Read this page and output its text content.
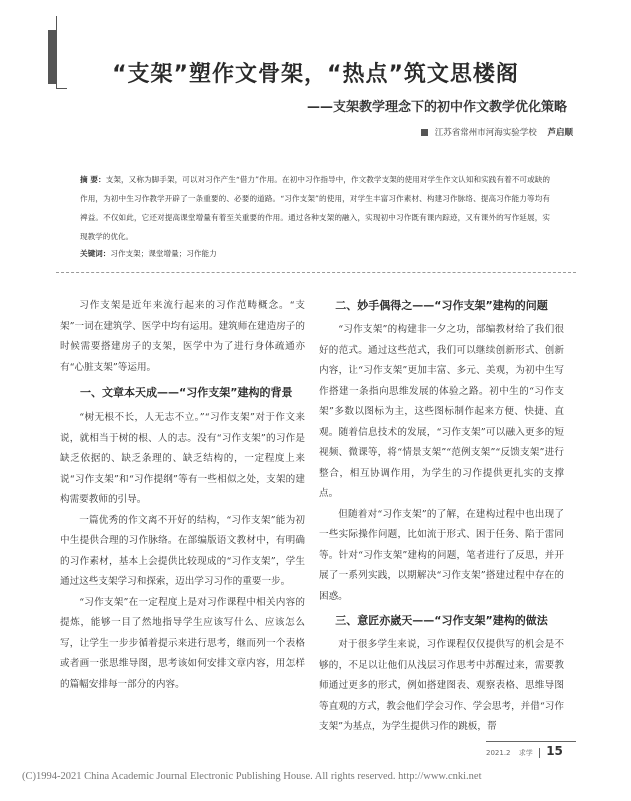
“支架”塑作文骨架，“热点”筑文思楼阁
——支架教学理念下的初中作文教学优化策略
江苏省常州市河海实验学校 芦启顺
摘 要：支架，又称为脚手架，可以对习作产生“借力”作用。在初中习作指导中，作文教学支架的使用对学生作文认知和实践有着不可或缺的作用，为初中生习作教学开辟了一条重要的、必要的道路。“习作支架”的使用，对学生丰富习作素材、构建习作脉络、提高习作能力等均有裨益。不仅如此，它还对提高课堂增量有着至关重要的作用。通过各种支架的融入，实现初中习作既有课内踪迹，又有课外的写作延展，实现教学的优化。
关键词：习作支架；课堂增量；习作能力

习作支架是近年来流行起来的习作范畴概念。“支架”一词在建筑学、医学中均有运用。建筑师在建造房子的时候需要搭建房子的支架，医学中为了进行身体疏通亦有“心脏支架”等运用。

一、文章本天成——“习作支架”建构的背景

“树无根不长，人无志不立。”“习作支架”对于作文来说，就相当于树的根、人的志。没有“习作支架”的习作是缺乏依据的、缺乏条理的、缺乏结构的，一定程度上来说“习作支架”和“习作提纲”等有一些相似之处，支架的建构需要教师的引导。

一篇优秀的作文离不开好的结构，“习作支架”能为初中生提供合理的习作脉络。在部编版语文教材中，有明确的习作素材，基本上会提供比较现成的“习作支架”，学生通过这些支架学习和探索，迈出学习习作的重要一步。

“习作支架”在一定程度上是对习作课程中相关内容的提炼，能够一目了然地指导学生应该写什么、应该怎么写，让学生一步步循着提示来进行思考，继而列一个表格或者画一张思维导图，思考该如何安排文章内容，用怎样的篇幅安排每一部分的内容。

二、妙手偶得之——“习作支架”建构的问题

“习作支架”的构建非一夕之功，部编教材给了我们很好的范式。通过这些范式，我们可以继续创新形式、创新内容，让“习作支架”更加丰富、多元、美观，为初中生写作搭建一条指向思维发展的体验之路。初中生的“习作支架”多数以图标为主，这些图标制作起来方便、快捷、直观。随着信息技术的发展，“习作支架”可以融入更多的短视频、微课等，将“情景支架”“范例支架”“反馈支架”进行整合，相互协调作用，为学生的习作提供更扎实的支撑点。

但随着对“习作支架”的了解，在建构过程中也出现了一些实际操作问题，比如流于形式、困于任务、陷于雷同等。针对“习作支架”建构的问题，笔者进行了反思，并开展了一系列实践，以期解决“习作支架”搭建过程中存在的困惑。

三、意匠亦崴天——“习作支架”建构的做法

对于很多学生来说，习作课程仅仅提供写的机会是不够的，不足以让他们从浅层习作思考中苏醒过来，需要教师通过更多的形式，例如搭建图表、观察表格、思维导图等直观的方式，教会他们学会习作、学会思考，并借“习作支架”为基点，为学生提供习作的跳板，帮

2021.2 求学 15
(C)1994-2021 China Academic Journal Electronic Publishing House. All rights reserved. http://www.cnki.net
